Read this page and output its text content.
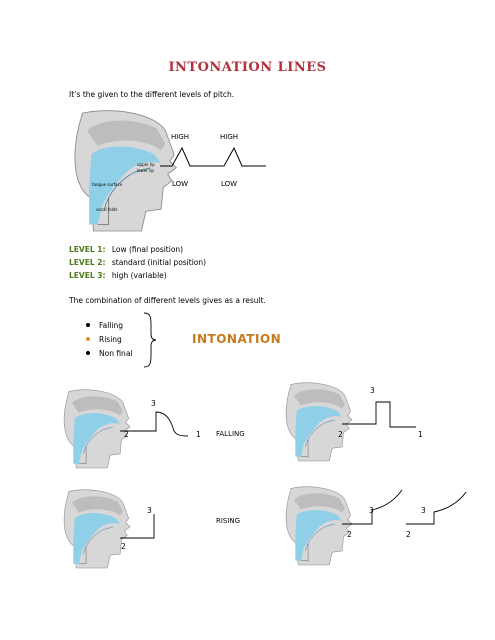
INTONATION LINES
It’s the given to the different levels of pitch.
upper lip
lower lip
tongue surface
vocal folds
HIGH	HIGH
LOW	LOW
LEVEL 1: Low (final position)
LEVEL 2: standard (initial position)
LEVEL 3: high (variable)
The combination of different levels gives as a result.
Falling
Rising
Non final
INTONATION
3
2	1 FALLING
3
2	1
3
2
RISING
3	3
2	2
